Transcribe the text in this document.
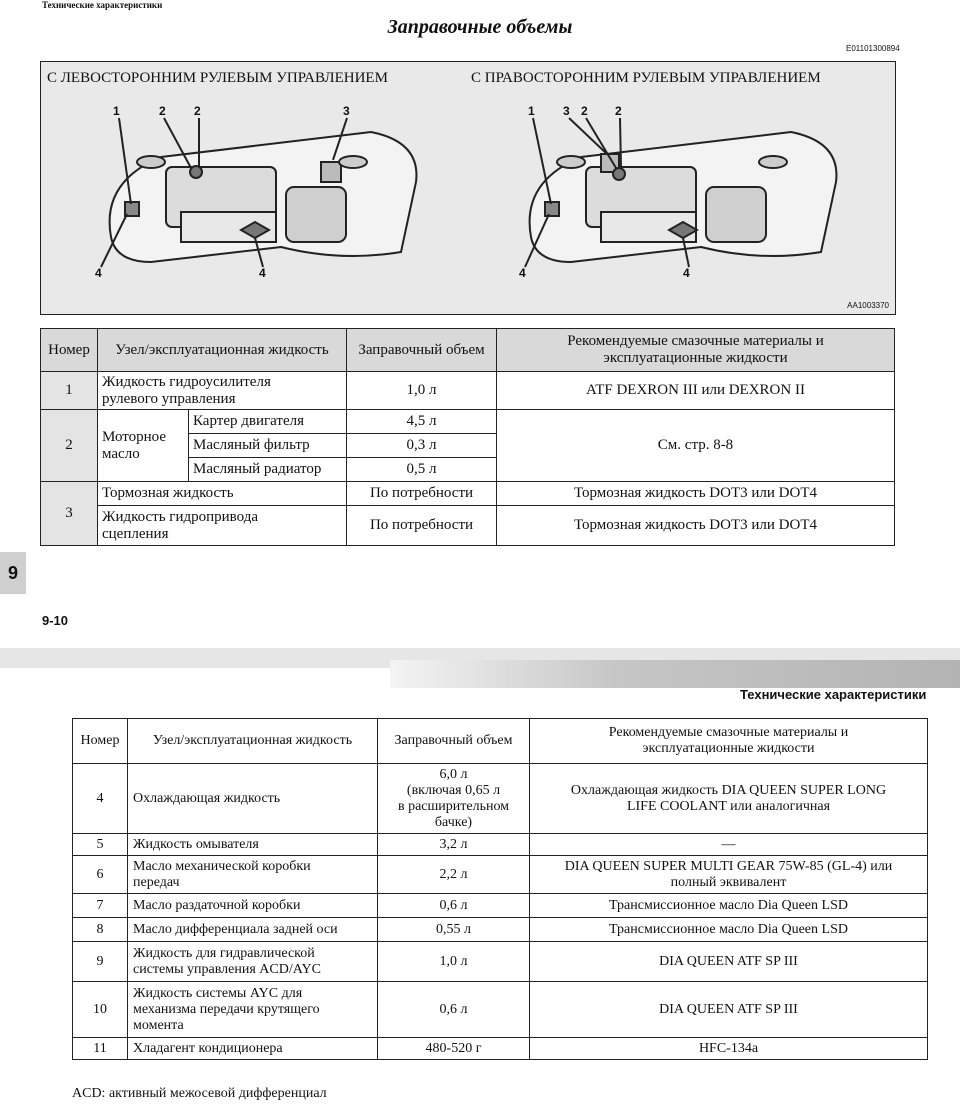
Технические характеристики
Заправочные объемы
E01101300894
С ЛЕВОСТОРОННИМ РУЛЕВЫМ УПРАВЛЕНИЕМ	С ПРАВОСТОРОННИМ РУЛЕВЫМ УПРАВЛЕНИЕМ
1	2 2	3
4	4
1 3 2 2
4	4
AA1003370
Номер	Узел/эксплуатационная жидкость		Заправочный объем	Рекомендуемые смазочные материалы и
эксплуатационные жидкости
1	Жидкость гидроусилителя
рулевого управления		1,0 л	ATF DEXRON III или DEXRON II
2	Моторное
масло	Картер двигателя	4,5 л	См. стр. 8-8
		Масляный фильтр	0,3 л	
		Масляный радиатор	0,5 л	
3	Тормозная жидкость		По потребности	Тормозная жидкость DOT3 или DOT4
	Жидкость гидропривода
сцепления		По потребности	Тормозная жидкость DOT3 или DOT4
9
9-10
Технические характеристики
Номер	Узел/эксплуатационная жидкость	Заправочный объем	Рекомендуемые смазочные материалы и
эксплуатационные жидкости
4	Охлаждающая жидкость	6,0 л
(включая 0,65 л
в расширительном
бачке)	Охлаждающая жидкость DIA QUEEN SUPER LONG
LIFE COOLANT или аналогичная
5	Жидкость омывателя	3,2 л	—
6	Масло механической коробки
передач	2,2 л	DIA QUEEN SUPER MULTI GEAR 75W-85 (GL-4) или
полный эквивалент
7	Масло раздаточной коробки	0,6 л	Трансмиссионное масло Dia Queen LSD
8	Масло дифференциала задней оси	0,55 л	Трансмиссионное масло Dia Queen LSD
9	Жидкость для гидравлической
системы управления ACD/AYC	1,0 л	DIA QUEEN ATF SP III
10	Жидкость системы AYC для
механизма передачи крутящего
момента	0,6 л	DIA QUEEN ATF SP III
11	Хладагент кондиционера	480-520 г	HFC-134a
ACD: активный межосевой дифференциал
